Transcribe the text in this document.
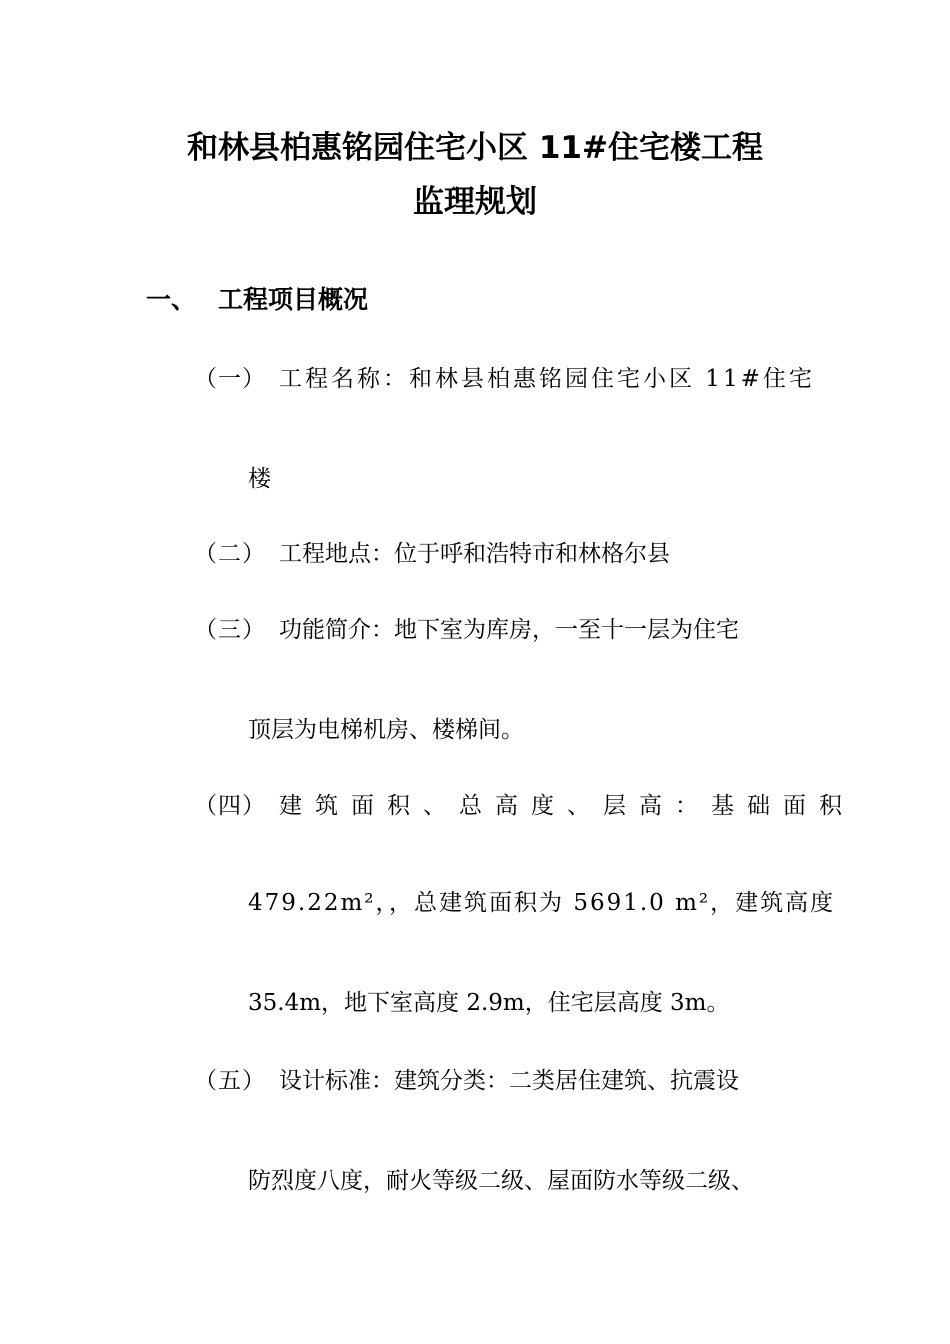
和林县柏惠铭园住宅小区 11#住宅楼工程
监理规划
一、 工程项目概况
（一） 工程名称：和林县柏惠铭园住宅小区 11#住宅
楼
（二） 工程地点：位于呼和浩特市和林格尔县
（三） 功能简介：地下室为库房，一至十一层为住宅
顶层为电梯机房、楼梯间。
（四） 建筑面积、总高度、层高：基础面积
479.22m²，，总建筑面积为 5691.0 m²，建筑高度
35.4m，地下室高度 2.9m，住宅层高度 3m。
（五） 设计标准：建筑分类：二类居住建筑、抗震设
防烈度八度，耐火等级二级、屋面防水等级二级、
